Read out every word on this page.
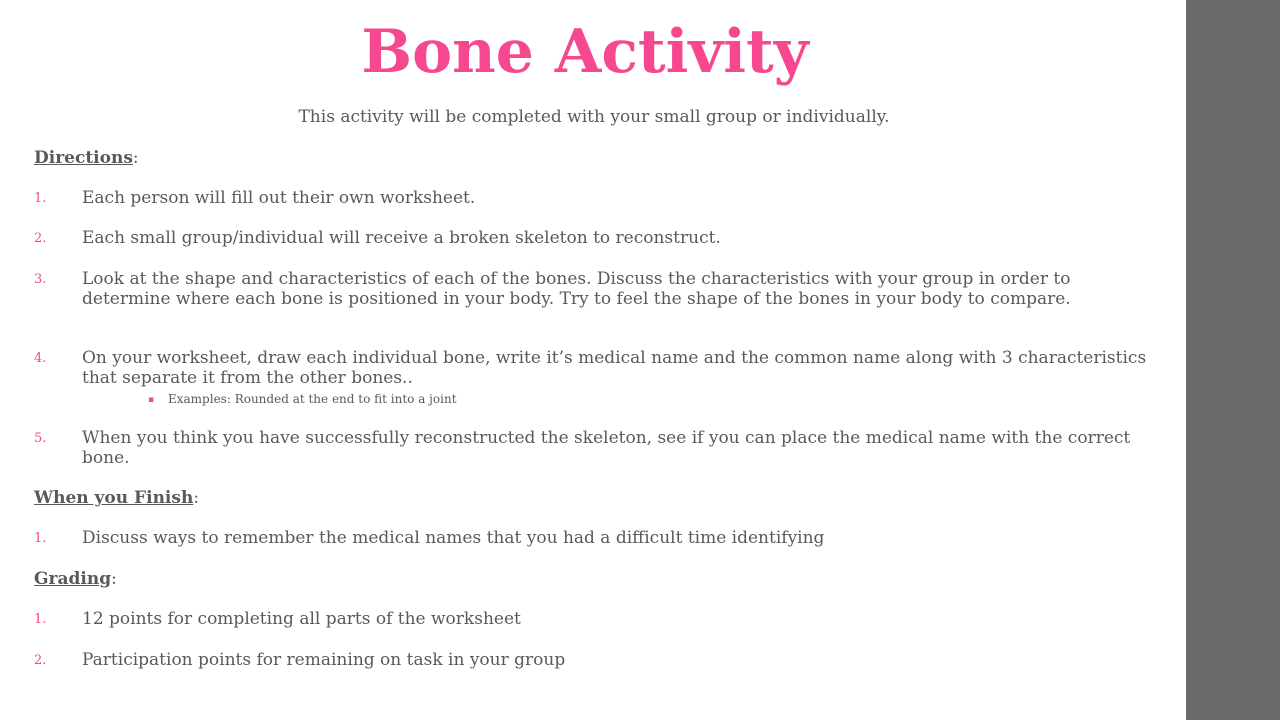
Bone Activity
This activity will be completed with your small group or individually.
Directions:
1.	Each person will fill out their own worksheet.
2.	Each small group/individual will receive a broken skeleton to reconstruct.
3.	Look at the shape and characteristics of each of the bones. Discuss the characteristics with your group in order to determine where each bone is positioned in your body. Try to feel the shape of the bones in your body to compare.
4.	On your worksheet, draw each individual bone, write it’s medical name and the common name along with 3 characteristics that separate it from the other bones..
▪ Examples: Rounded at the end to fit into a joint
5.	When you think you have successfully reconstructed the skeleton, see if you can place the medical name with the correct bone.
When you Finish:
1.	Discuss ways to remember the medical names that you had a difficult time identifying
Grading:
1.	12 points for completing all parts of the worksheet
2.	Participation points for remaining on task in your group
